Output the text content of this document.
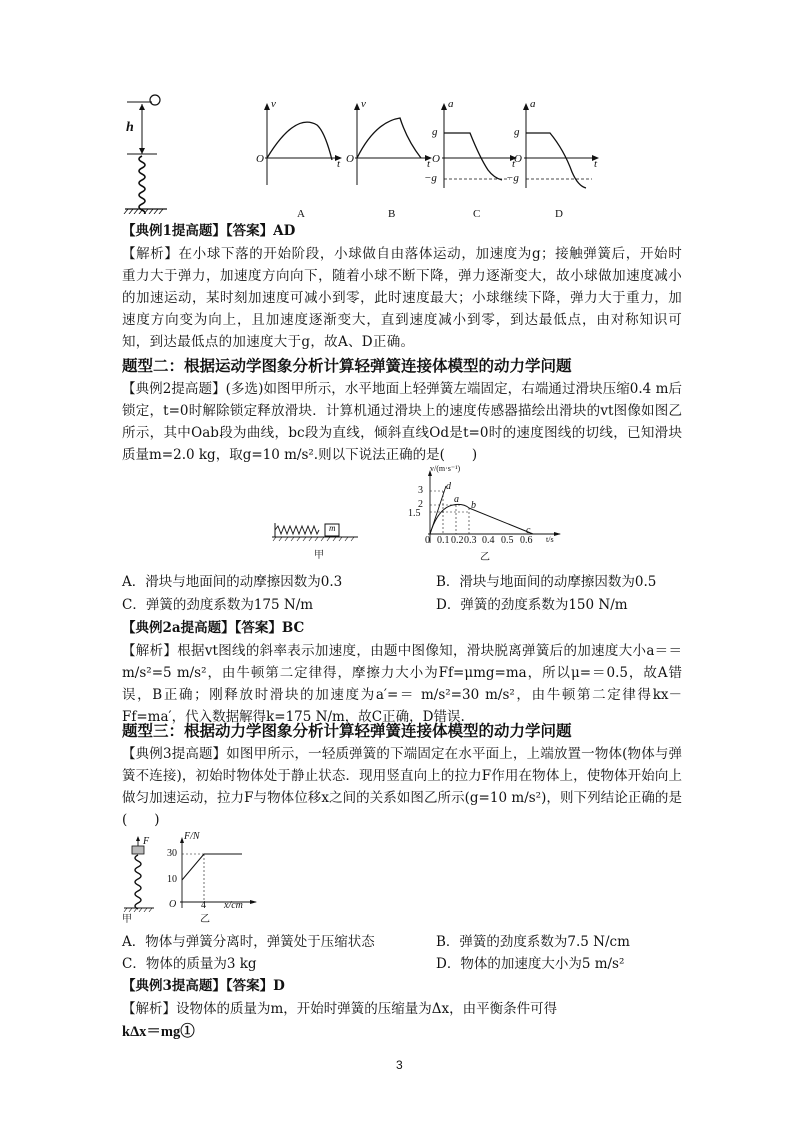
h
v
O	t
A
v
O	t
B
a
g
O
−g
t
C
a
g
O
−g
t
D

【典例1提高题】【答案】AD

【解析】在小球下落的开始阶段，小球做自由落体运动，加速度为g；接触弹簧后，开始时重力大于弹力，加速度方向向下，随着小球不断下降，弹力逐渐变大，故小球做加速度减小的加速运动，某时刻加速度可减小到零，此时速度最大；小球继续下降，弹力大于重力，加速度方向变为向上，且加速度逐渐变大，直到速度减小到零，到达最低点，由对称知识可知，到达最低点的加速度大于g，故A、D正确。

题型二：根据运动学图象分析计算轻弹簧连接体模型的动力学问题

【典例2提高题】(多选)如图甲所示，水平地面上轻弹簧左端固定，右端通过滑块压缩0.4 m后锁定，t=0时解除锁定释放滑块．计算机通过滑块上的速度传感器描绘出滑块的vt图像如图乙所示，其中Oab段为曲线，bc段为直线，倾斜直线Od是t=0时的速度图线的切线，已知滑块质量m=2.0 kg，取g=10 m/s².则以下说法正确的是(　　)

m
甲
v/(m·s⁻¹)
3
2
1.5
d
a
b
c
0 0.1 0.2 0.3 0.4 0.5 0.6 t/s
乙
A．滑块与地面间的动摩擦因数为0.3	B．滑块与地面间的动摩擦因数为0.5
C．弹簧的劲度系数为175 N/m	D．弹簧的劲度系数为150 N/m

【典例2a提高题】【答案】BC

【解析】根据vt图线的斜率表示加速度，由题中图像知，滑块脱离弹簧后的加速度大小a＝＝ m/s²=5 m/s²，由牛顿第二定律得，摩擦力大小为Ff=μmg=ma，所以μ=＝0.5，故A错误，B正确；刚释放时滑块的加速度为a′=＝ m/s²=30 m/s²，由牛顿第二定律得kx－Ff=ma′，代入数据解得k=175 N/m，故C正确，D错误.

题型三：根据动力学图象分析计算轻弹簧连接体模型的动力学问题

【典例3提高题】如图甲所示，一轻质弹簧的下端固定在水平面上，上端放置一物体(物体与弹簧不连接)，初始时物体处于静止状态．现用竖直向上的拉力F作用在物体上，使物体开始向上做匀加速运动，拉力F与物体位移x之间的关系如图乙所示(g=10 m/s²)，则下列结论正确的是(　　)

F
甲
F/N
30
10
O 4 x/cm
乙
A．物体与弹簧分离时，弹簧处于压缩状态	B．弹簧的劲度系数为7.5 N/cm
C．物体的质量为3 kg	D．物体的加速度大小为5 m/s²

【典例3提高题】【答案】D

【解析】设物体的质量为m，开始时弹簧的压缩量为Δx，由平衡条件可得

kΔx＝mg①

3
